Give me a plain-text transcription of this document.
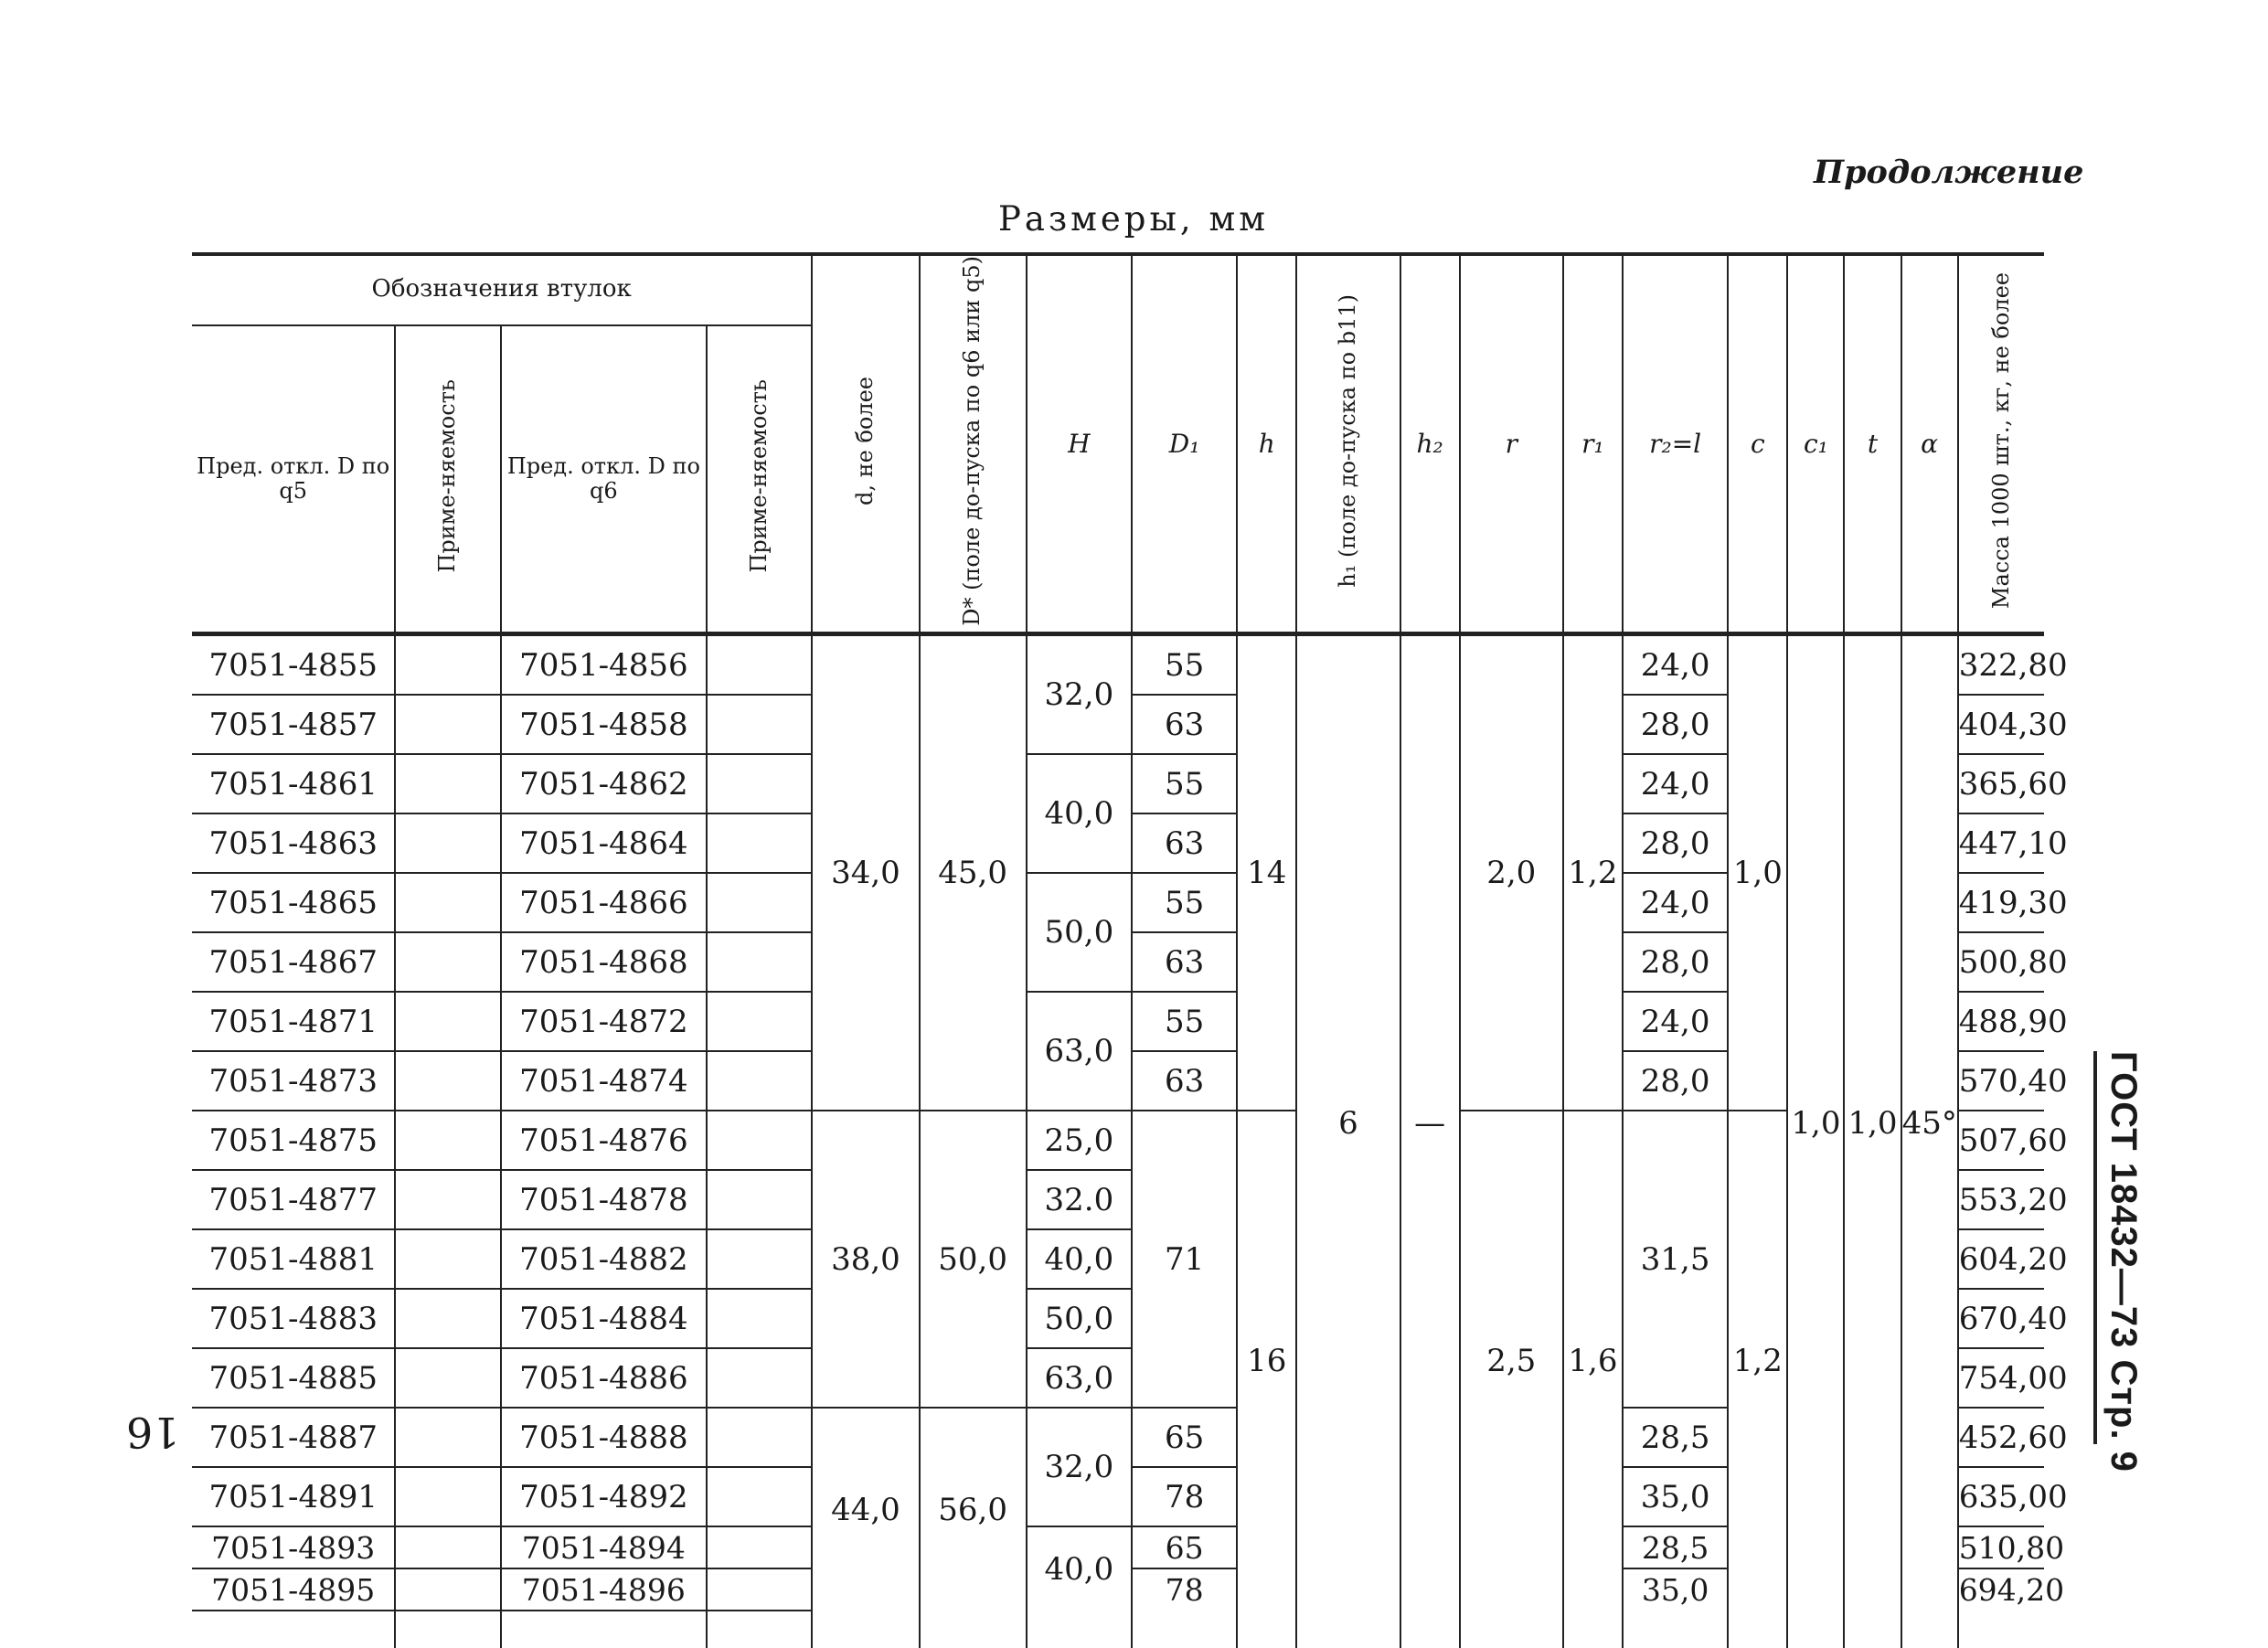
Продолжение
Размеры, мм
Обозначения втулок				d, не более	D* (поле до-пуска по q6 или q5)	H	D₁	h	h₁ (поле до-пуска по b11)	h₂	r	r₁	r₂=l	c	c₁	t	α	Масса 1000 шт., кг, не более
Пред. откл. D по q5	Приме-няемость	Пред. откл. D по q6	Приме-няемость															
7051-4855		7051-4856		34,0	45,0	32,0	55	14	6	—	2,0	1,2	24,0	1,0	1,0	1,0	45°	322,80
7051-4857		7051-4858					63						28,0					404,30
7051-4861		7051-4862				40,0	55						24,0					365,60
7051-4863		7051-4864					63						28,0					447,10
7051-4865		7051-4866				50,0	55						24,0					419,30
7051-4867		7051-4868					63						28,0					500,80
7051-4871		7051-4872				63,0	55						24,0					488,90
7051-4873		7051-4874					63						28,0					570,40
7051-4875		7051-4876		38,0	50,0	25,0	71	16			2,5	1,6	31,5	1,2				507,60
7051-4877		7051-4878				32.0												553,20
7051-4881		7051-4882				40,0												604,20
7051-4883		7051-4884				50,0												670,40
7051-4885		7051-4886				63,0												754,00
7051-4887		7051-4888		44,0	56,0	32,0	65						28,5					452,60
7051-4891		7051-4892					78						35,0					635,00
7051-4893		7051-4894				40,0	65						28,5					510,80
7051-4895		7051-4896					78						35,0					694,20

16	ГОСТ 18432—73 Стр. 9
